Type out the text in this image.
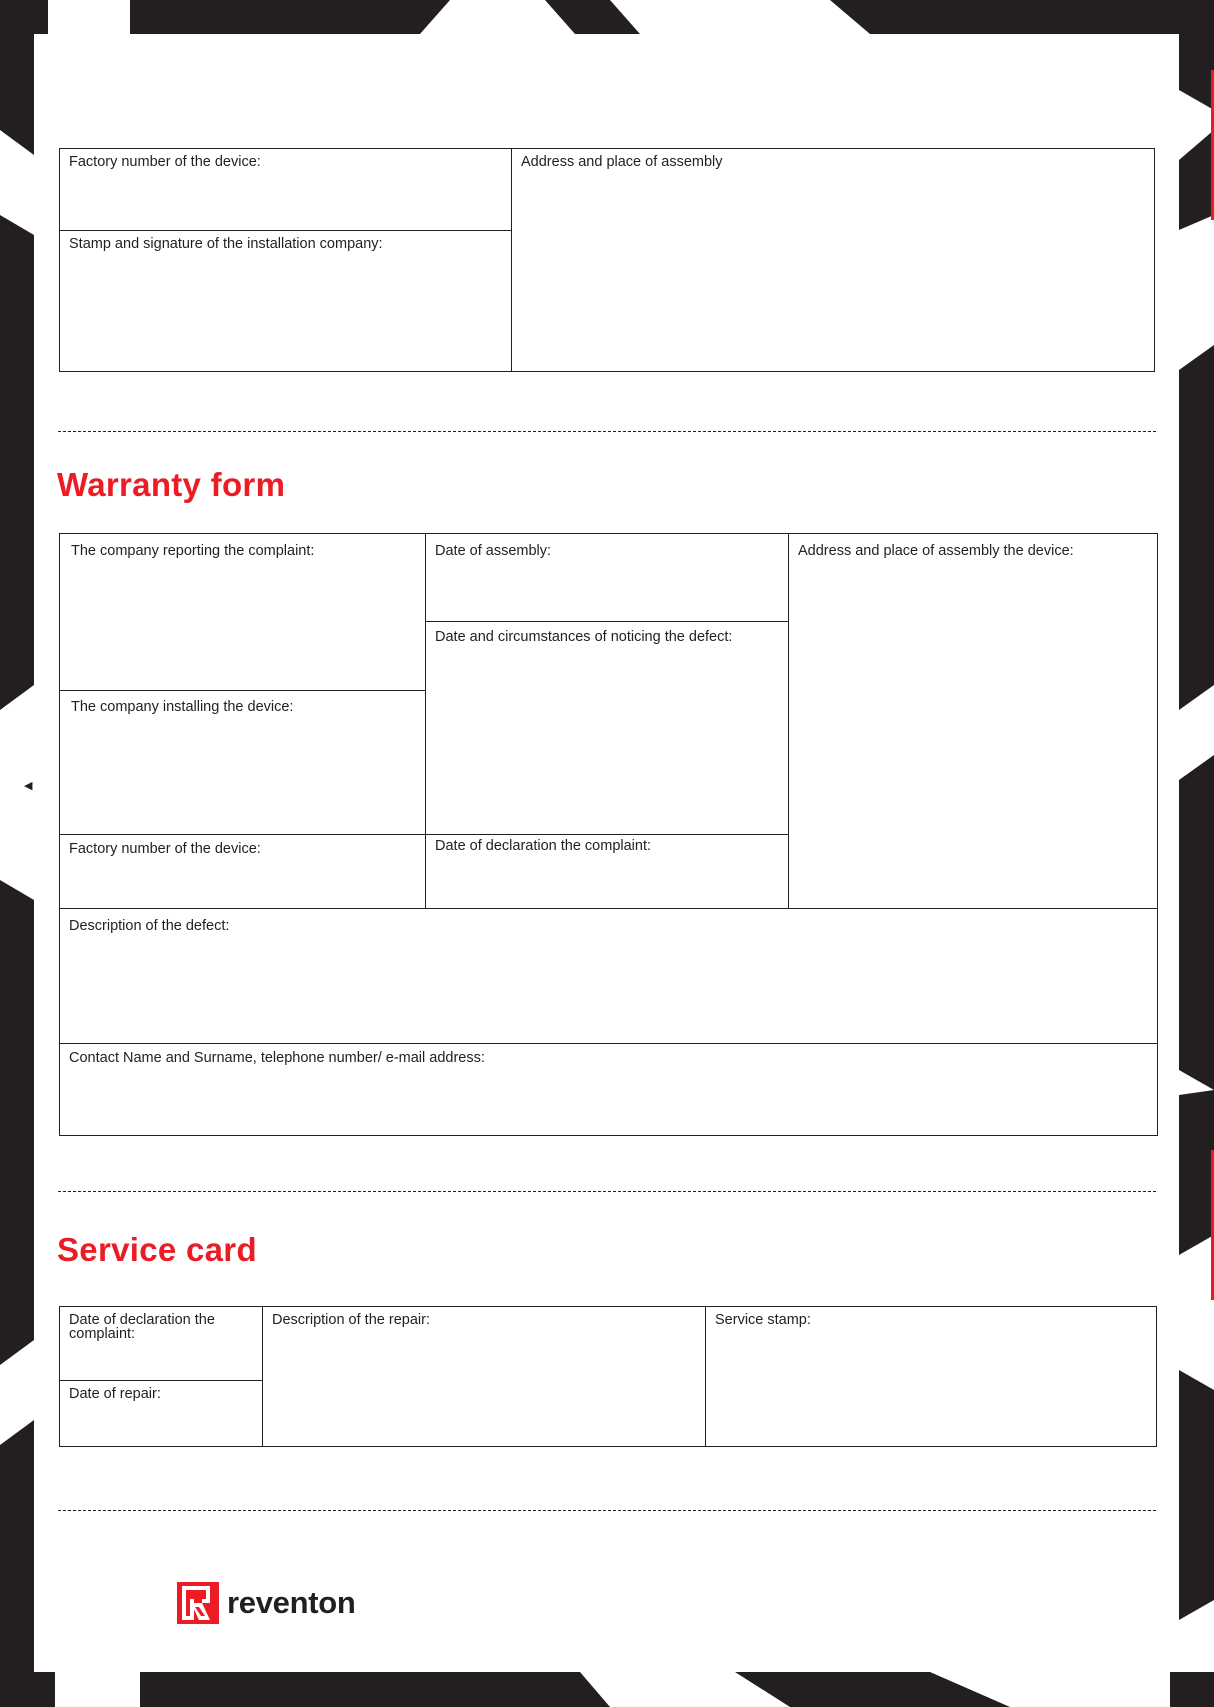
◀
Factory number of the device:	Address and place of assembly
Stamp and signature of the installation company:
Warranty form
The company reporting the complaint:	Date of assembly:	Address and place of assembly the device:
Date and circumstances of noticing the defect:
The company installing the device:
Factory number of the device:	Date of declaration the complaint:
Description of the defect:
Contact Name and Surname, telephone number/ e-mail address:
Service card
Date of declaration the complaint:
Description of the repair:	Service stamp:
Date of repair:
reventon
